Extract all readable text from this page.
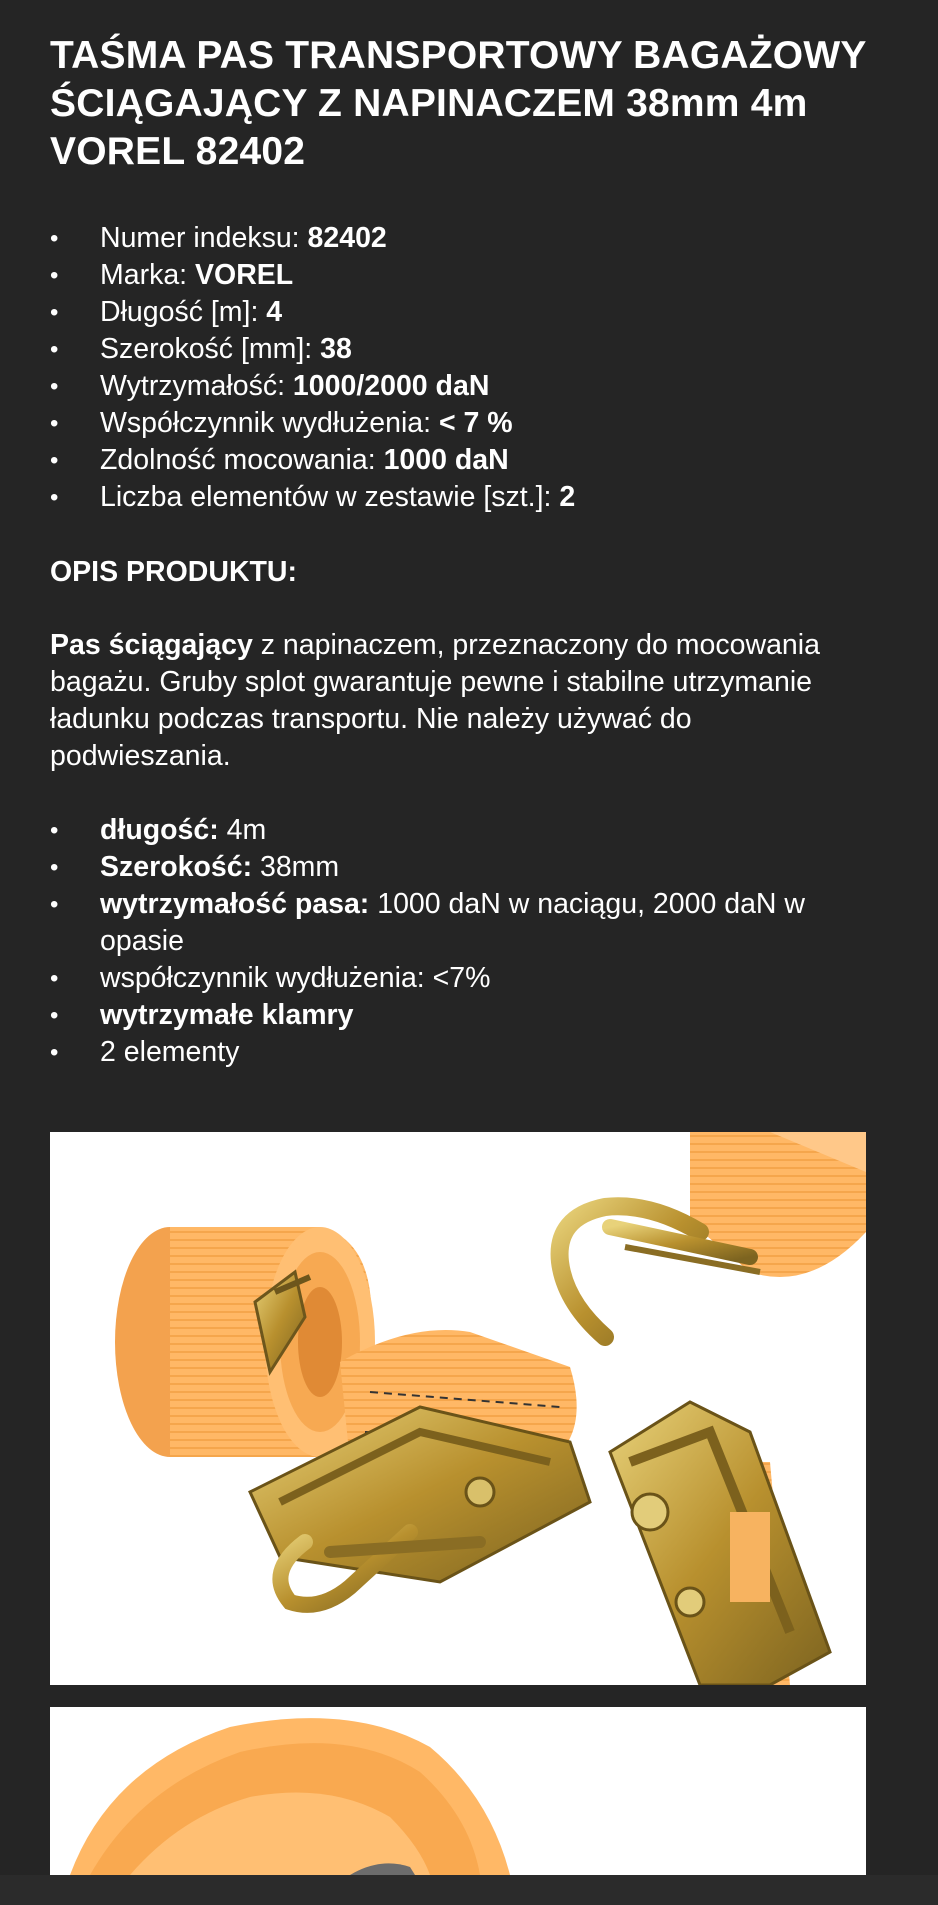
TAŚMA PAS TRANSPORTOWY BAGAŻOWY ŚCIĄGAJĄCY Z NAPINACZEM 38mm 4m VOREL 82402
•	Numer indeksu: 82402
•	Marka: VOREL
•	Długość [m]: 4
•	Szerokość [mm]: 38
•	Wytrzymałość: 1000/2000 daN
•	Współczynnik wydłużenia: < 7 %
•	Zdolność mocowania: 1000 daN
•	Liczba elementów w zestawie [szt.]: 2
OPIS PRODUKTU:

Pas ściągający z napinaczem, przeznaczony do mocowania bagażu. Gruby splot gwarantuje pewne i stabilne utrzymanie ładunku podczas transportu. Nie należy używać do podwieszania.

•	długość: 4m
•	Szerokość: 38mm
•	wytrzymałość pasa: 1000 daN w naciągu, 2000 daN w opasie
•	współczynnik wydłużenia: <7%
•	wytrzymałe klamry
•	2 elementy
